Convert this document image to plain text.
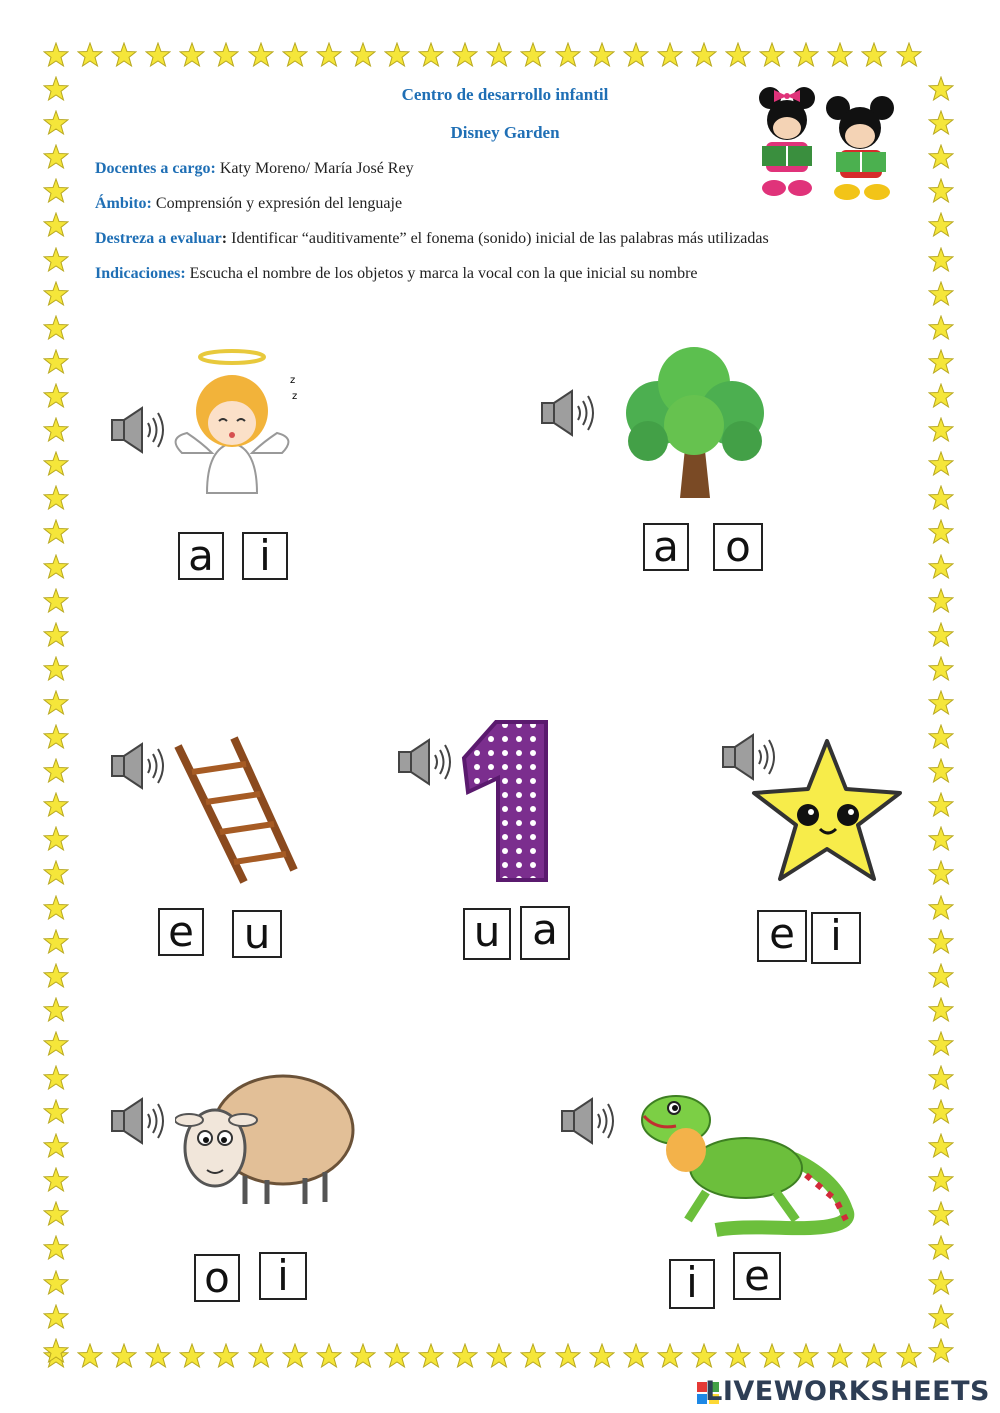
Centro de desarrollo infantil
Disney Garden
Docentes a cargo: Katy Moreno/ María José Rey
Ámbito: Comprensión y expresión del lenguaje
Destreza a evaluar: Identificar “auditivamente” el fonema (sonido) inicial de las palabras más utilizadas
Indicaciones: Escucha el nombre de los objetos y marca la vocal con la que inicial su nombre
z
z
a	i	a o
e u	u a	e i
o	i	i	e
LIVEWORKSHEETS
